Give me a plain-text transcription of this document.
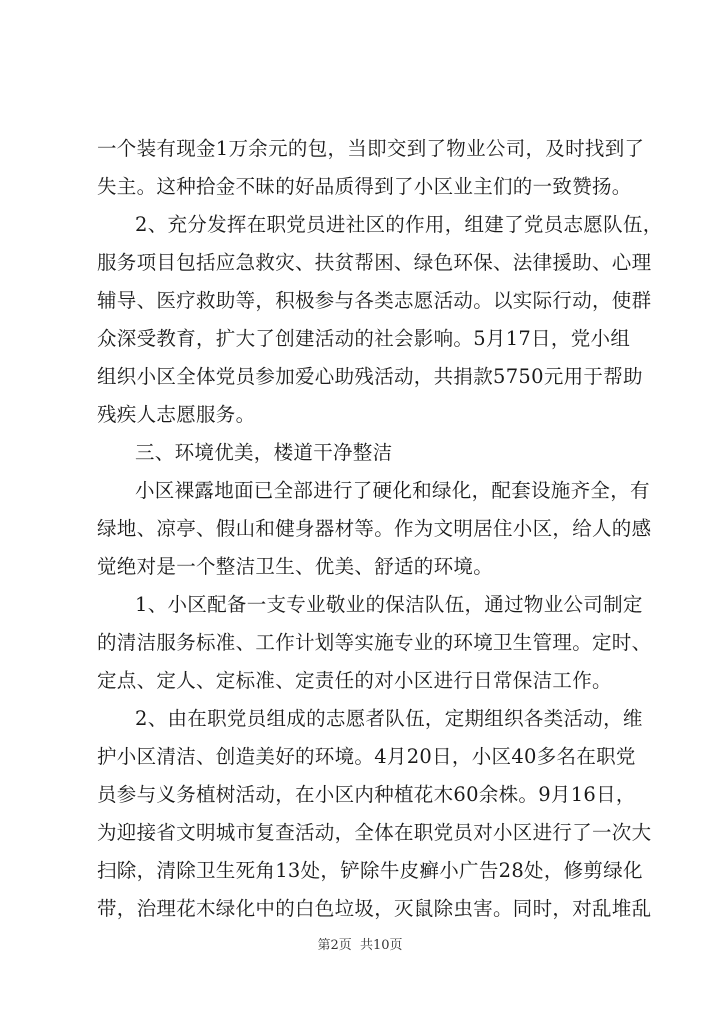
一个装有现金1万余元的包，当即交到了物业公司，及时找到了
失主。这种拾金不昧的好品质得到了小区业主们的一致赞扬。
2、充分发挥在职党员进社区的作用，组建了党员志愿队伍，
服务项目包括应急救灾、扶贫帮困、绿色环保、法律援助、心理
辅导、医疗救助等，积极参与各类志愿活动。以实际行动，使群
众深受教育，扩大了创建活动的社会影响。5月17日，党小组
组织小区全体党员参加爱心助残活动，共捐款5750元用于帮助
残疾人志愿服务。
三、环境优美，楼道干净整洁
小区裸露地面已全部进行了硬化和绿化，配套设施齐全，有
绿地、凉亭、假山和健身器材等。作为文明居住小区，给人的感
觉绝对是一个整洁卫生、优美、舒适的环境。
1、小区配备一支专业敬业的保洁队伍，通过物业公司制定
的清洁服务标准、工作计划等实施专业的环境卫生管理。定时、
定点、定人、定标准、定责任的对小区进行日常保洁工作。
2、由在职党员组成的志愿者队伍，定期组织各类活动，维
护小区清洁、创造美好的环境。4月20日，小区40多名在职党
员参与义务植树活动，在小区内种植花木60余株。9月16日，
为迎接省文明城市复查活动，全体在职党员对小区进行了一次大
扫除，清除卫生死角13处，铲除牛皮癣小广告28处，修剪绿化
带，治理花木绿化中的白色垃圾，灭鼠除虫害。同时，对乱堆乱
第2页 共10页
